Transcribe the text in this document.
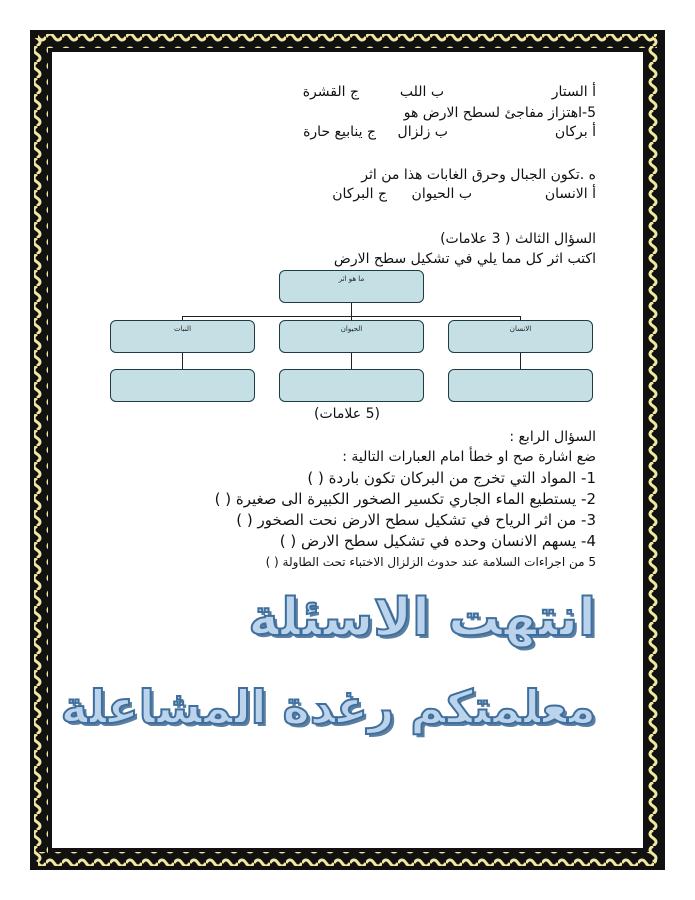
أ الستار
ب اللب
ج القشرة
5-اهتزاز مفاجئ لسطح الارض هو
أ بركان
ب زلزال
ج ينابيع حارة
ه .تكون الجبال وحرق الغابات هذا من اثر
أ الانسان
ب الحيوان
ج البركان
السؤال الثالث ( 3 علامات)
اكتب اثر كل مما يلي في تشكيل سطح الارض
ما هو اثر
الانسان
الحيوان
النبات
(5 علامات)
السؤال الرابع :
ضع اشارة صح او خطأ امام العبارات التالية :
1- المواد التي تخرج من البركان تكون باردة ( )
2- يستطيع الماء الجاري تكسير الصخور الكبيرة الى صغيرة ( )
3- من اثر الرياح في تشكيل سطح الارض نحت الصخور ( )
4- يسهم الانسان وحده في تشكيل سطح الارض ( )
5 من اجراءات السلامة عند حدوث الزلزال الاختباء تحت الطاولة ( )
انتهت الاسئلة
معلمتكم رغدة المشاعلة
